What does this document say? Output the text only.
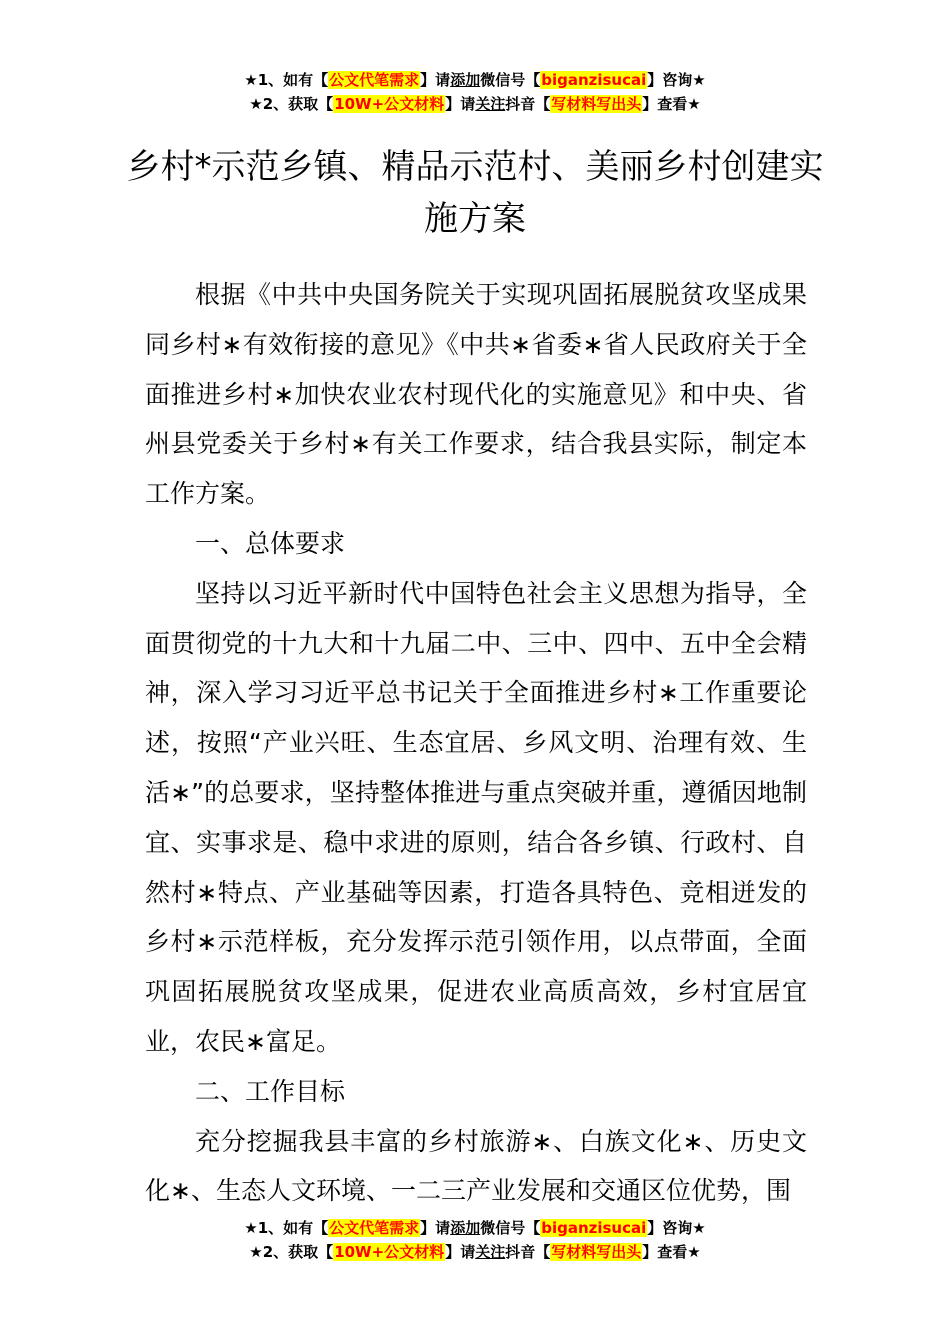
★1、如有【公文代笔需求】请添加微信号【biganzisucai】咨询★
★2、获取【10W+公文材料】请关注抖音【写材料写出头】查看★
乡村*示范乡镇、精品示范村、美丽乡村创建实施方案

根据《中共中央国务院关于实现巩固拓展脱贫攻坚成果同乡村∗有效衔接的意见》《中共∗省委∗省人民政府关于全面推进乡村∗加快农业农村现代化的实施意见》和中央、省州县党委关于乡村∗有关工作要求，结合我县实际，制定本工作方案。

一、总体要求

坚持以习近平新时代中国特色社会主义思想为指导，全面贯彻党的十九大和十九届二中、三中、四中、五中全会精神，深入学习习近平总书记关于全面推进乡村∗工作重要论述，按照“产业兴旺、生态宜居、乡风文明、治理有效、生活∗”的总要求，坚持整体推进与重点突破并重，遵循因地制宜、实事求是、稳中求进的原则，结合各乡镇、行政村、自然村∗特点、产业基础等因素，打造各具特色、竞相迸发的乡村∗示范样板，充分发挥示范引领作用，以点带面，全面巩固拓展脱贫攻坚成果，促进农业高质高效，乡村宜居宜业，农民∗富足。

二、工作目标

充分挖掘我县丰富的乡村旅游∗、白族文化∗、历史文化∗、生态人文环境、一二三产业发展和交通区位优势，围

★1、如有【公文代笔需求】请添加微信号【biganzisucai】咨询★
★2、获取【10W+公文材料】请关注抖音【写材料写出头】查看★
